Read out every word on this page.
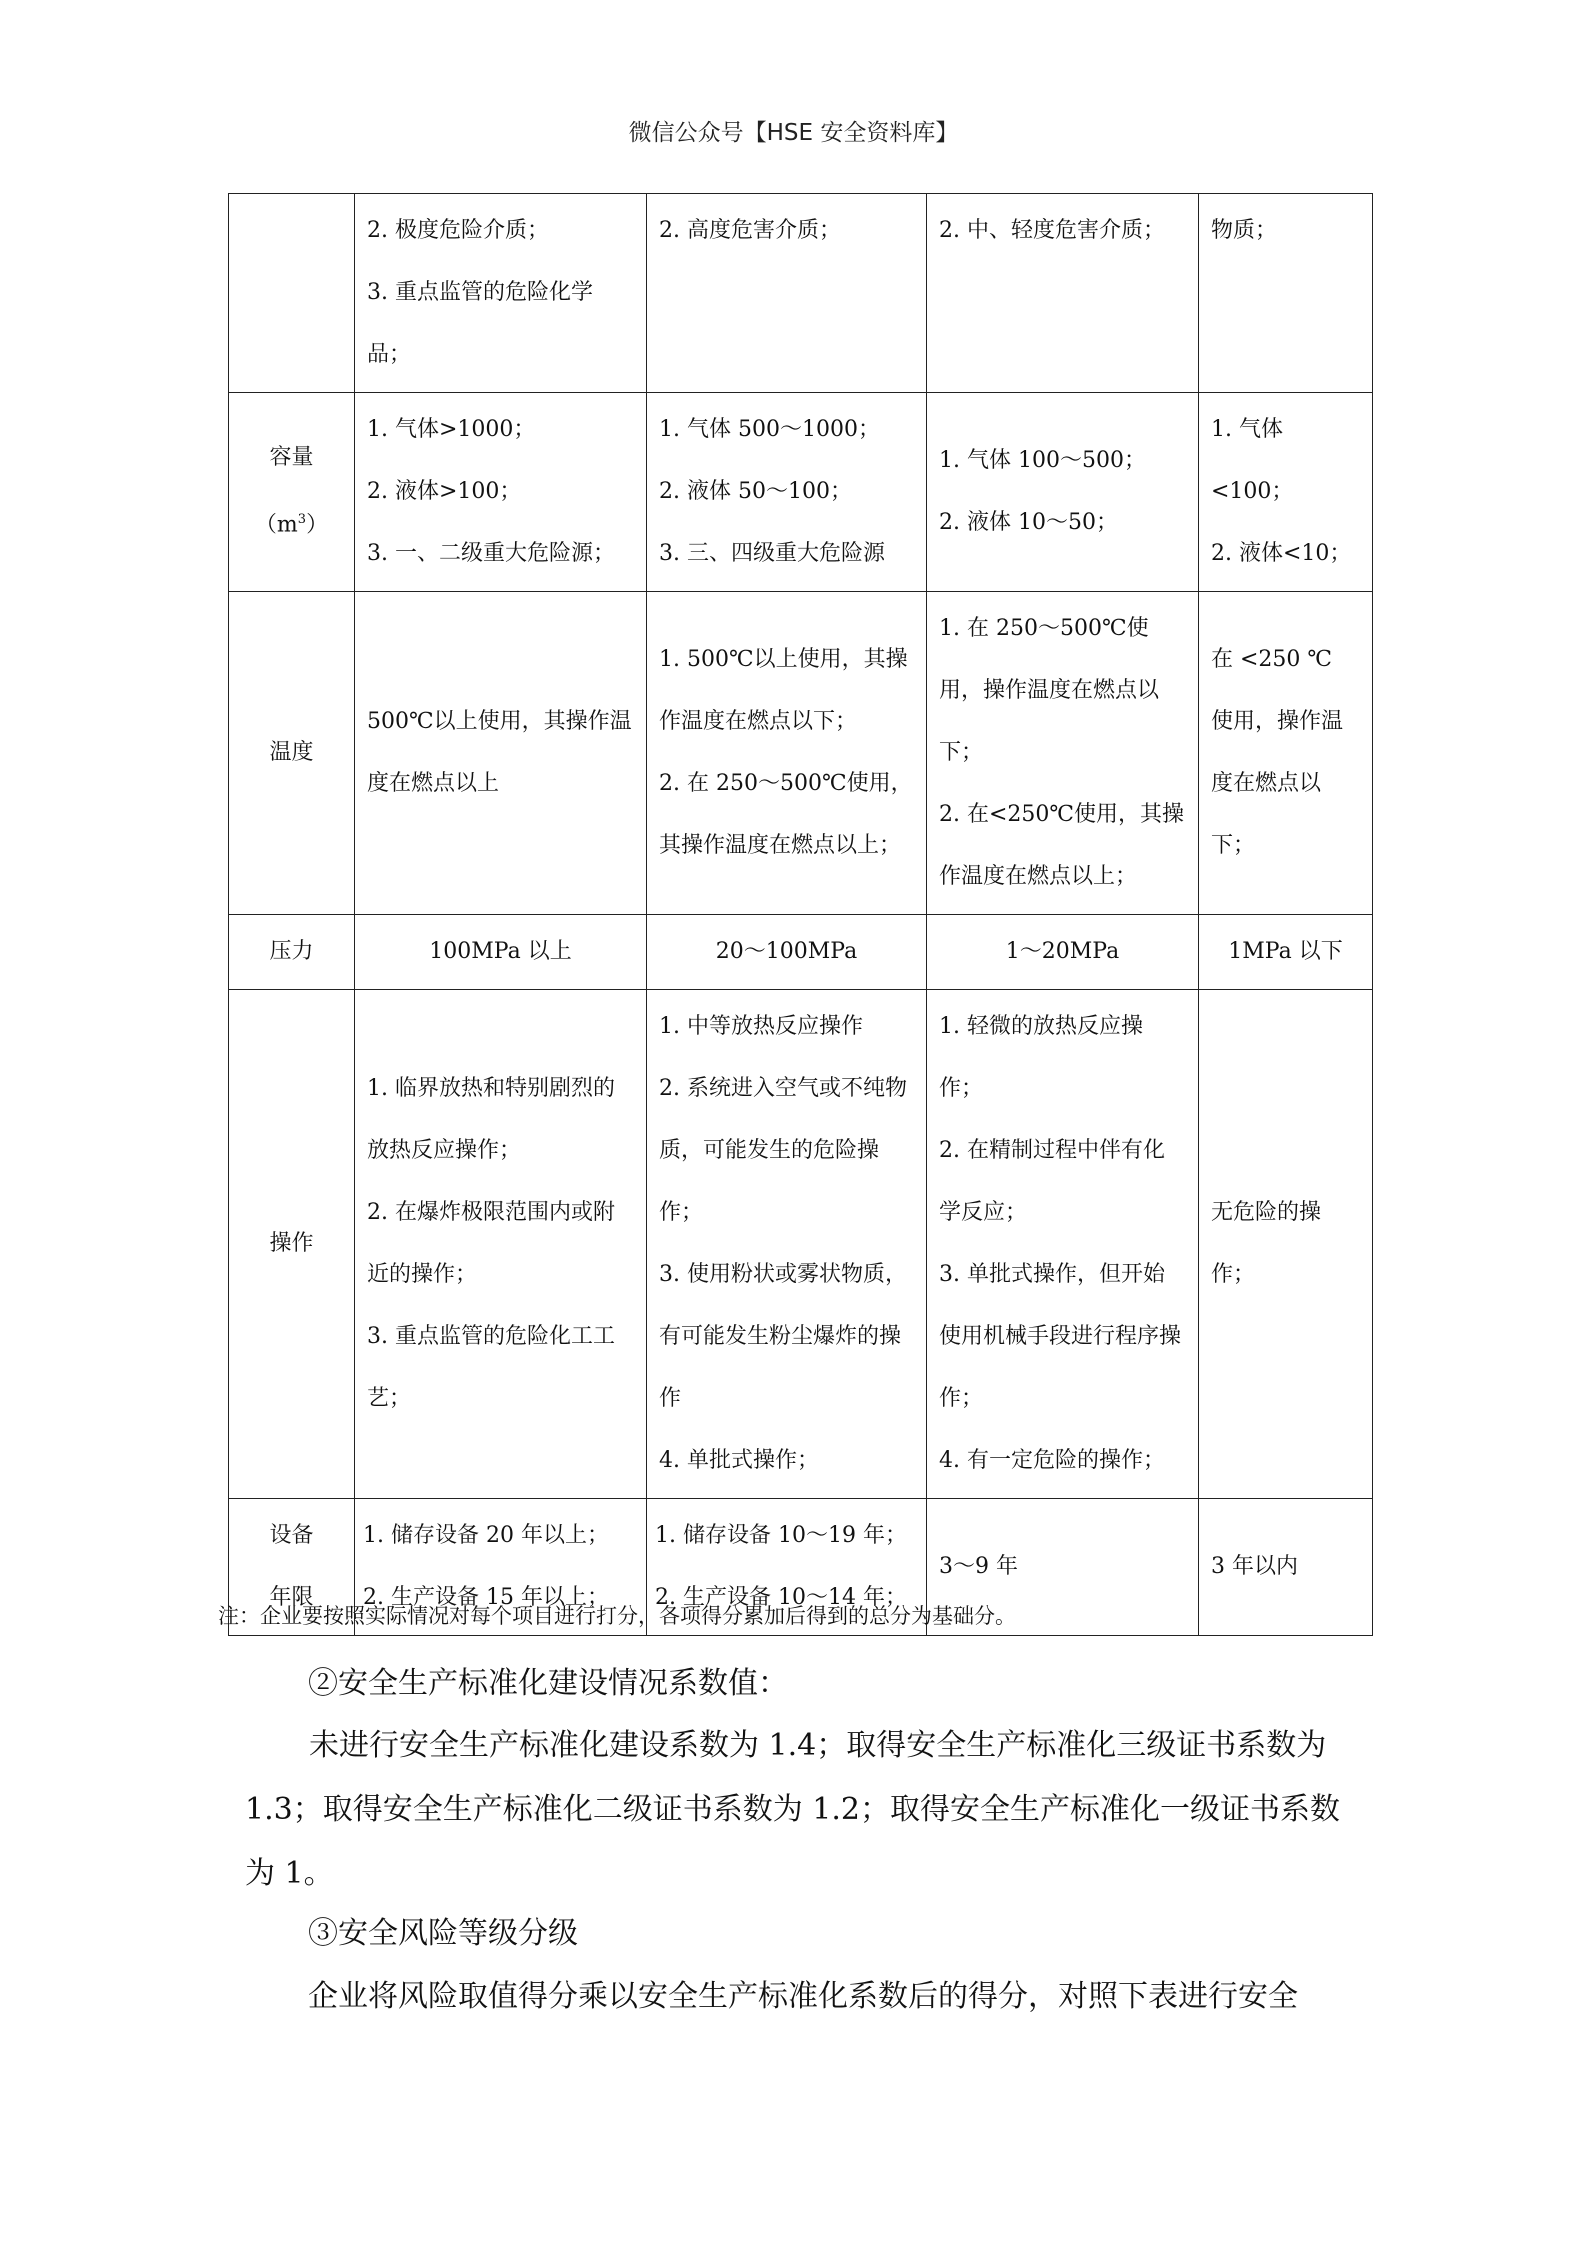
微信公众号【HSE 安全资料库】

	2. 极度危险介质；
3. 重点监管的危险化学品；	2. 高度危害介质；	2. 中、轻度危害介质；	物质；

容量$(m^3)$	1. 气体>1000；
2. 液体>100；
3. 一、二级重大危险源；	1. 气体 500～1000；
2. 液体 50～100；
3. 三、四级重大危险源	1. 气体 100～500；
2. 液体 10～50；	1. 气体<100；
2. 液体<10；

温度	500℃以上使用，其操作温度在燃点以上	1. 500℃以上使用，其操作温度在燃点以下；
2. 在 250～500℃使用，其操作温度在燃点以上；	1. 在 250～500℃使用，操作温度在燃点以下；
2. 在<250℃使用，其操作温度在燃点以上；	在 <250 ℃ 使用，操作温度在燃点以下；

压力	100MPa 以上	20～100MPa	1～20MPa	1MPa 以下
操作	1. 临界放热和特别剧烈的放热反应操作；
2. 在爆炸极限范围内或附近的操作；
3. 重点监管的危险化工工艺；	1. 中等放热反应操作
2. 系统进入空气或不纯物质，可能发生的危险操作；
3. 使用粉状或雾状物质，有可能发生粉尘爆炸的操作
4. 单批式操作；	1. 轻微的放热反应操作；
2. 在精制过程中伴有化学反应；
3. 单批式操作，但开始使用机械手段进行程序操作；
4. 有一定危险的操作；	无危险的操作；

设备
年限	1. 储存设备 20 年以上；
2. 生产设备 15 年以上；	1. 储存设备 10～19 年；
2. 生产设备 10～14 年；	3～9 年	3 年以内
注：企业要按照实际情况对每个项目进行打分，各项得分累加后得到的总分为基础分。
②安全生产标准化建设情况系数值：
未进行安全生产标准化建设系数为 1.4；取得安全生产标准化三级证书系数为 1.3；取得安全生产标准化二级证书系数为 1.2；取得安全生产标准化一级证书系数为 1。
③安全风险等级分级
企业将风险取值得分乘以安全生产标准化系数后的得分，对照下表进行安全
